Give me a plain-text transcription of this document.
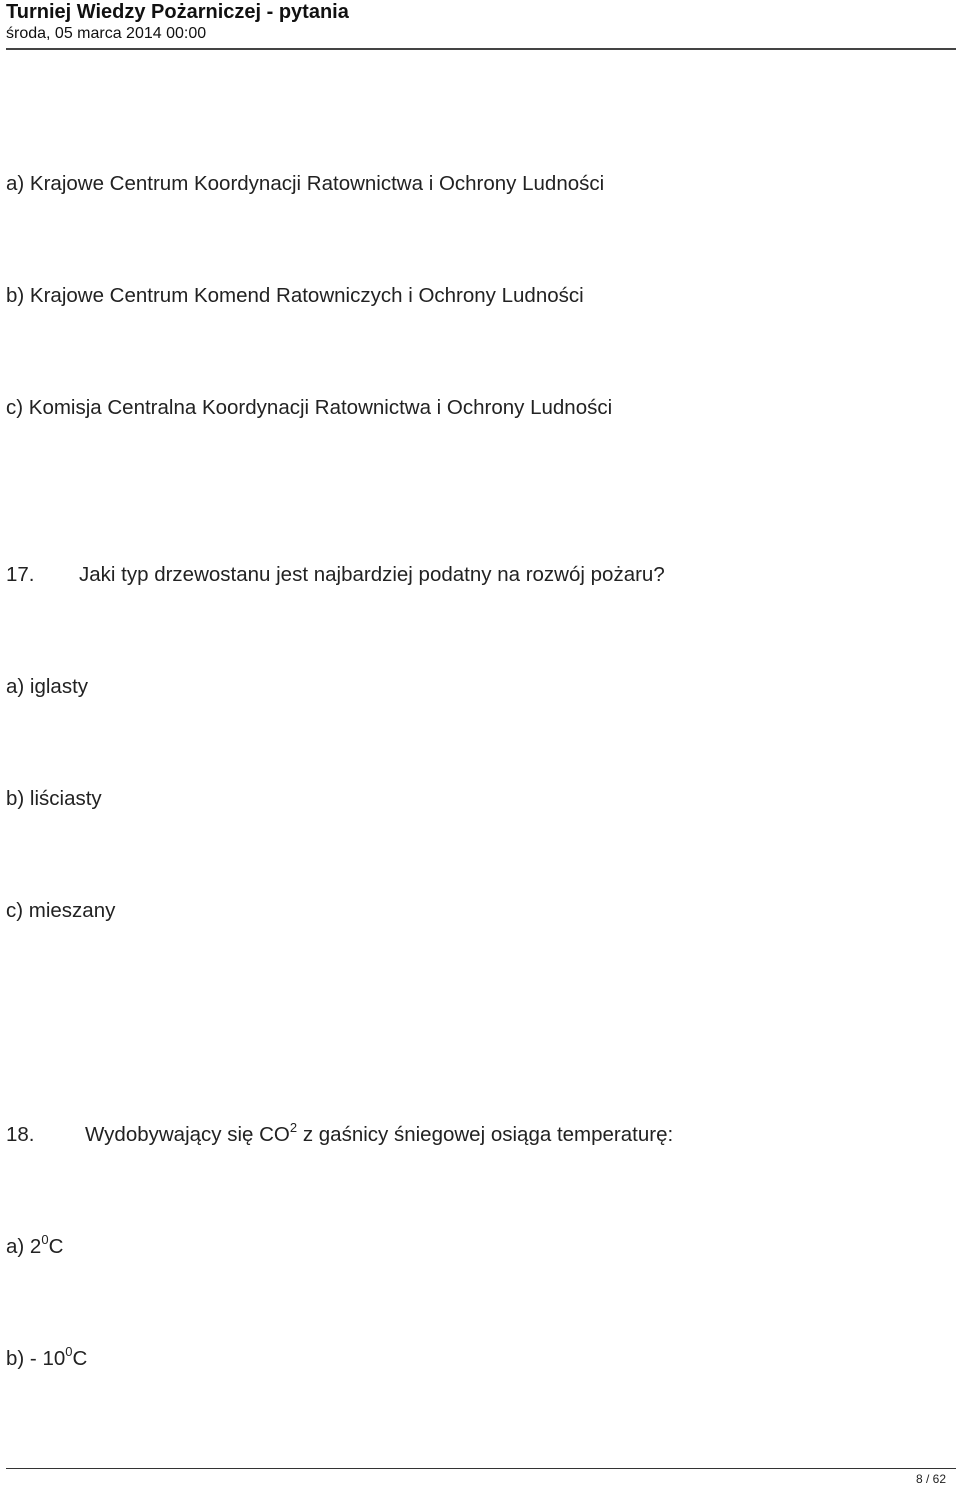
Turniej Wiedzy Pożarniczej - pytania
środa, 05 marca 2014 00:00
a) Krajowe Centrum Koordynacji Ratownictwa i Ochrony Ludności
b) Krajowe Centrum Komend Ratowniczych i Ochrony Ludności
c) Komisja Centralna Koordynacji Ratownictwa i Ochrony Ludności
17. Jaki typ drzewostanu jest najbardziej podatny na rozwój pożaru?
a) iglasty
b) liściasty
c) mieszany
18. Wydobywający się $CO^2$ z gaśnicy śniegowej osiąga temperaturę:
a) $2^0C$
$b) - 10^0C$
8 / 62
